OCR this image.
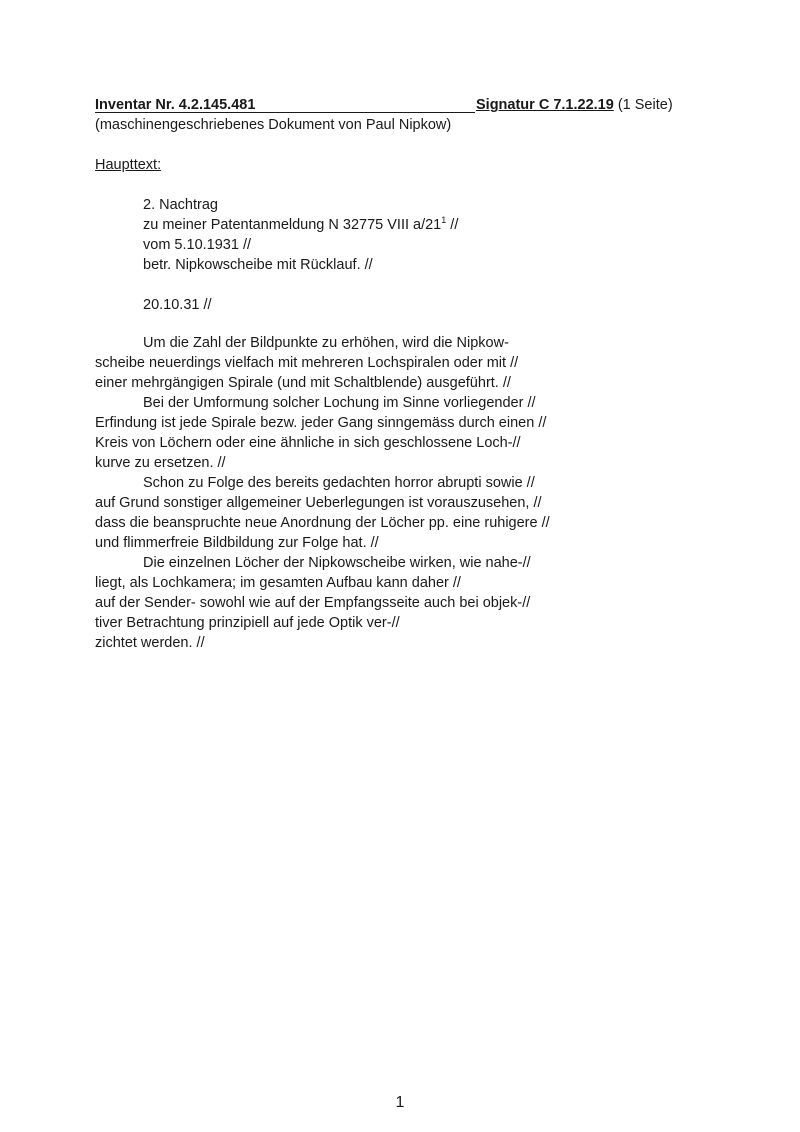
Inventar Nr. 4.2.145.481	Signatur C 7.1.22.19 (1 Seite)
(maschinengeschriebenes Dokument von Paul Nipkow)
Haupttext:
2. Nachtrag
zu meiner Patentanmeldung N 32775 VIII $a/21^1$ //
vom 5.10.1931 //
betr. Nipkowscheibe mit Rücklauf. //
20.10.31 //
Um die Zahl der Bildpunkte zu erhöhen, wird die Nipkow-
scheibe neuerdings vielfach mit mehreren Lochspiralen oder mit //
einer mehrgängigen Spirale (und mit Schaltblende) ausgeführt. //
Bei der Umformung solcher Lochung im Sinne vorliegender //
Erfindung ist jede Spirale bezw. jeder Gang sinngemäss durch einen //
Kreis von Löchern oder eine ähnliche in sich geschlossene Loch-//
kurve zu ersetzen. //
Schon zu Folge des bereits gedachten horror abrupti sowie //
auf Grund sonstiger allgemeiner Ueberlegungen ist vorauszusehen, //
dass die beanspruchte neue Anordnung der Löcher pp. eine ruhigere //
und flimmerfreie Bildbildung zur Folge hat. //
Die einzelnen Löcher der Nipkowscheibe wirken, wie nahe-//
liegt, als Lochkamera; im gesamten Aufbau kann daher //
auf der Sender- sowohl wie auf der Empfangsseite auch bei objek-//
tiver Betrachtung prinzipiell auf jede Optik ver-//
zichtet werden. //
1
